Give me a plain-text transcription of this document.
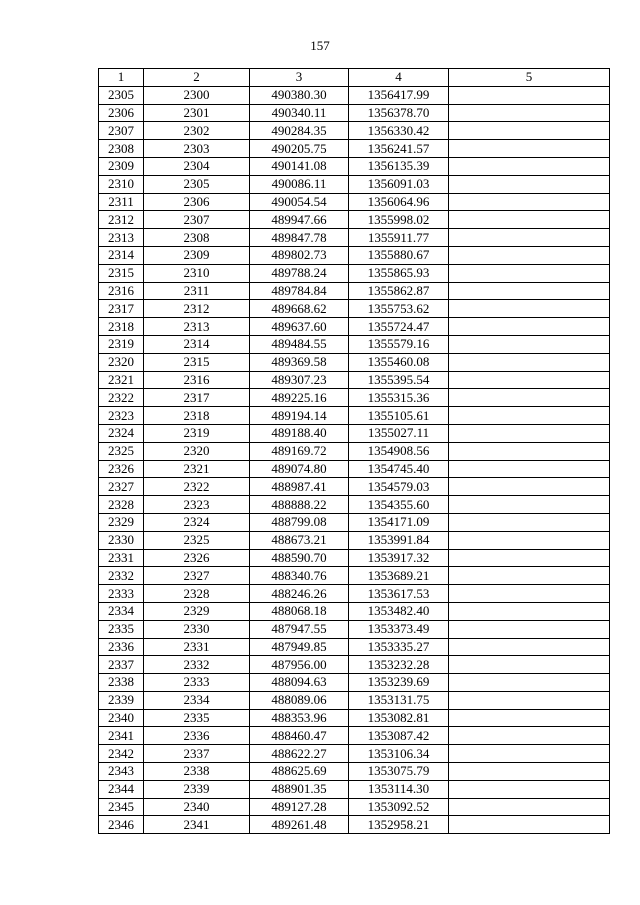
157
1	2	3	4	5
2305	2300	490380.30	1356417.99	
2306	2301	490340.11	1356378.70	
2307	2302	490284.35	1356330.42	
2308	2303	490205.75	1356241.57	
2309	2304	490141.08	1356135.39	
2310	2305	490086.11	1356091.03	
2311	2306	490054.54	1356064.96	
2312	2307	489947.66	1355998.02	
2313	2308	489847.78	1355911.77	
2314	2309	489802.73	1355880.67	
2315	2310	489788.24	1355865.93	
2316	2311	489784.84	1355862.87	
2317	2312	489668.62	1355753.62	
2318	2313	489637.60	1355724.47	
2319	2314	489484.55	1355579.16	
2320	2315	489369.58	1355460.08	
2321	2316	489307.23	1355395.54	
2322	2317	489225.16	1355315.36	
2323	2318	489194.14	1355105.61	
2324	2319	489188.40	1355027.11	
2325	2320	489169.72	1354908.56	
2326	2321	489074.80	1354745.40	
2327	2322	488987.41	1354579.03	
2328	2323	488888.22	1354355.60	
2329	2324	488799.08	1354171.09	
2330	2325	488673.21	1353991.84	
2331	2326	488590.70	1353917.32	
2332	2327	488340.76	1353689.21	
2333	2328	488246.26	1353617.53	
2334	2329	488068.18	1353482.40	
2335	2330	487947.55	1353373.49	
2336	2331	487949.85	1353335.27	
2337	2332	487956.00	1353232.28	
2338	2333	488094.63	1353239.69	
2339	2334	488089.06	1353131.75	
2340	2335	488353.96	1353082.81	
2341	2336	488460.47	1353087.42	
2342	2337	488622.27	1353106.34	
2343	2338	488625.69	1353075.79	
2344	2339	488901.35	1353114.30	
2345	2340	489127.28	1353092.52	
2346	2341	489261.48	1352958.21	
